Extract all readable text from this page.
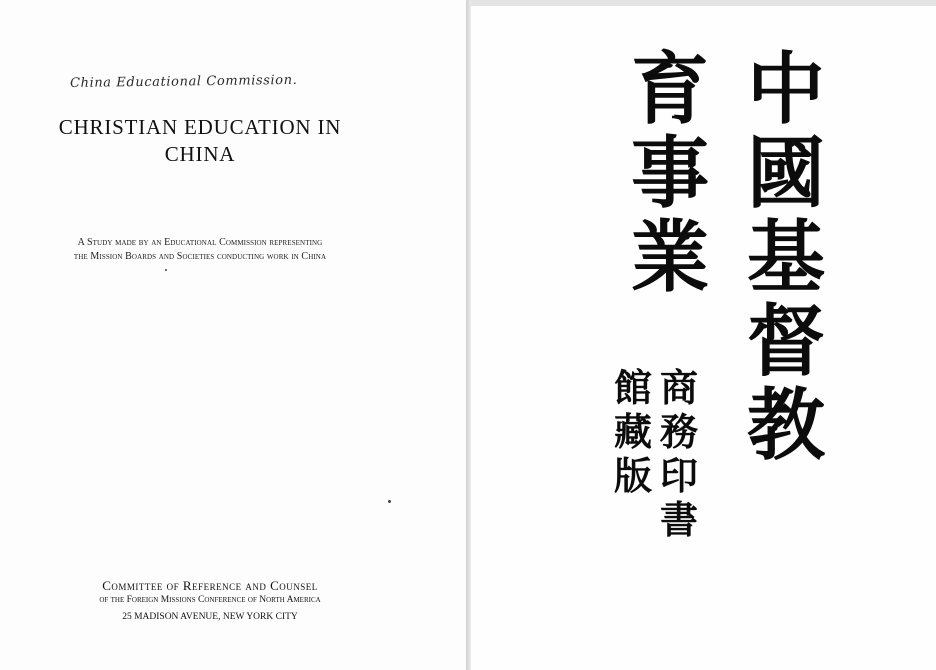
China Educational Commission.
CHRISTIAN EDUCATION IN
CHINA
A Study made by an Educational Commission representing
the Mission Boards and Societies conducting work in China
Committee of Reference and Counsel
of the Foreign Missions Conference of North America
25 MADISON AVENUE, NEW YORK CITY
中
國
基
督
教
育
事
業
商
務
印
書
館
藏
版
